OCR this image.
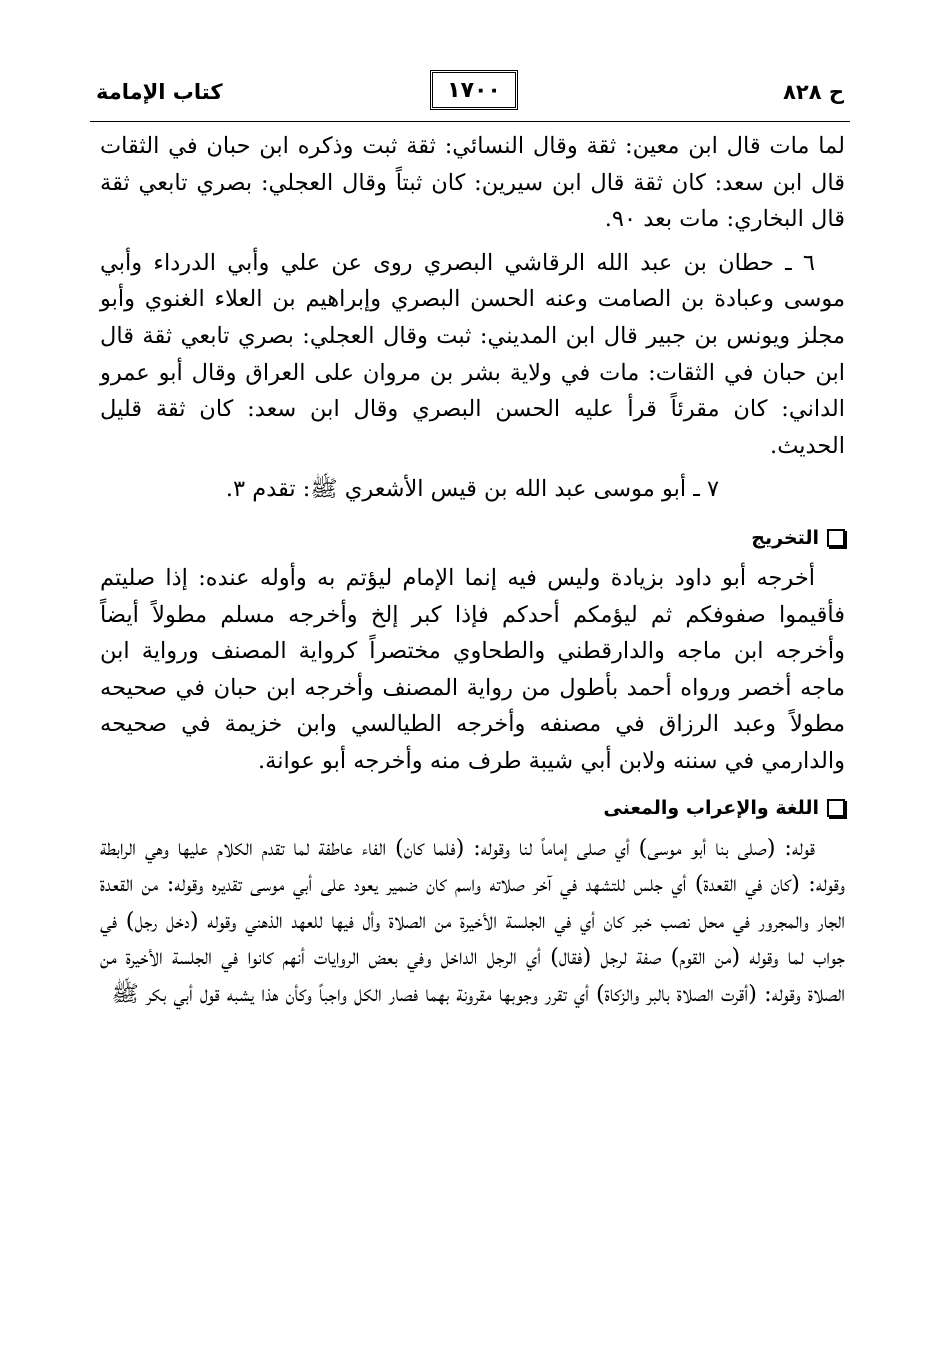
ح ٨٢٨
١٧٠٠
كتاب الإمامة

لما مات قال ابن معين: ثقة وقال النسائي: ثقة ثبت وذكره ابن حبان في الثقات قال ابن سعد: كان ثقة قال ابن سيرين: كان ثبتاً وقال العجلي: بصري تابعي ثقة قال البخاري: مات بعد ٩٠.

٦ ـ حطان بن عبد الله الرقاشي البصري روى عن علي وأبي الدرداء وأبي موسى وعبادة بن الصامت وعنه الحسن البصري وإبراهيم بن العلاء الغنوي وأبو مجلز ويونس بن جبير قال ابن المديني: ثبت وقال العجلي: بصري تابعي ثقة قال ابن حبان في الثقات: مات في ولاية بشر بن مروان على العراق وقال أبو عمرو الداني: كان مقرئاً قرأ عليه الحسن البصري وقال ابن سعد: كان ثقة قليل الحديث.

٧ ـ أبو موسى عبد الله بن قيس الأشعري ﷺ: تقدم ٣.

التخريج

أخرجه أبو داود بزيادة وليس فيه إنما الإمام ليؤتم به وأوله عنده: إذا صليتم فأقيموا صفوفكم ثم ليؤمكم أحدكم فإذا كبر إلخ وأخرجه مسلم مطولاً أيضاً وأخرجه ابن ماجه والدارقطني والطحاوي مختصراً كرواية المصنف ورواية ابن ماجه أخصر ورواه أحمد بأطول من رواية المصنف وأخرجه ابن حبان في صحيحه مطولاً وعبد الرزاق في مصنفه وأخرجه الطيالسي وابن خزيمة في صحيحه والدارمي في سننه ولابن أبي شيبة طرف منه وأخرجه أبو عوانة.

اللغة والإعراب والمعنى

قوله: (صلى بنا أبو موسى) أي صلى إماماً لنا وقوله: (فلما كان) الفاء عاطفة لما تقدم الكلام عليها وهي الرابطة وقوله: (كان في القعدة) أي جلس للتشهد في آخر صلاته واسم كان ضمير يعود على أبي موسى تقديره وقوله: من القعدة الجار والمجرور في محل نصب خبر كان أي في الجلسة الأخيرة من الصلاة وأل فيها للعهد الذهني وقوله (دخل رجل) في جواب لما وقوله (من القوم) صفة لرجل (فقال) أي الرجل الداخل وفي بعض الروايات أنهم كانوا في الجلسة الأخيرة من الصلاة وقوله: (أقرت الصلاة بالبر والزكاة) أي تقرر وجوبها مقرونة بهما فصار الكل واجباً وكأن هذا يشبه قول أبي بكر ﷺ
